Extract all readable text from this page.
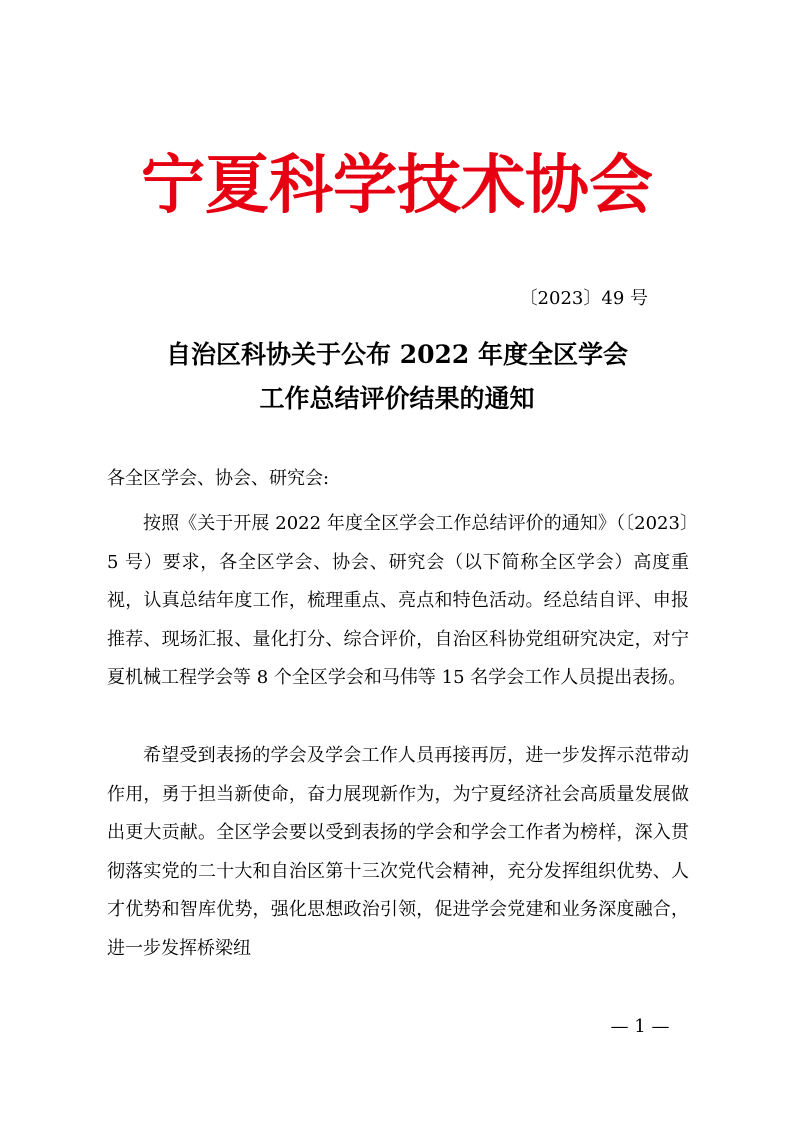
宁夏科学技术协会
〔2023〕49 号
自治区科协关于公布 2022 年度全区学会
工作总结评价结果的通知
各全区学会、协会、研究会:

按照《关于开展 2022 年度全区学会工作总结评价的通知》（〔2023〕5 号）要求，各全区学会、协会、研究会（以下简称全区学会）高度重视，认真总结年度工作，梳理重点、亮点和特色活动。经总结自评、申报推荐、现场汇报、量化打分、综合评价，自治区科协党组研究决定，对宁夏机械工程学会等 8 个全区学会和马伟等 15 名学会工作人员提出表扬。

希望受到表扬的学会及学会工作人员再接再厉，进一步发挥示范带动作用，勇于担当新使命，奋力展现新作为，为宁夏经济社会高质量发展做出更大贡献。全区学会要以受到表扬的学会和学会工作者为榜样，深入贯彻落实党的二十大和自治区第十三次党代会精神，充分发挥组织优势、人才优势和智库优势，强化思想政治引领，促进学会党建和业务深度融合，进一步发挥桥梁纽

— 1 —
